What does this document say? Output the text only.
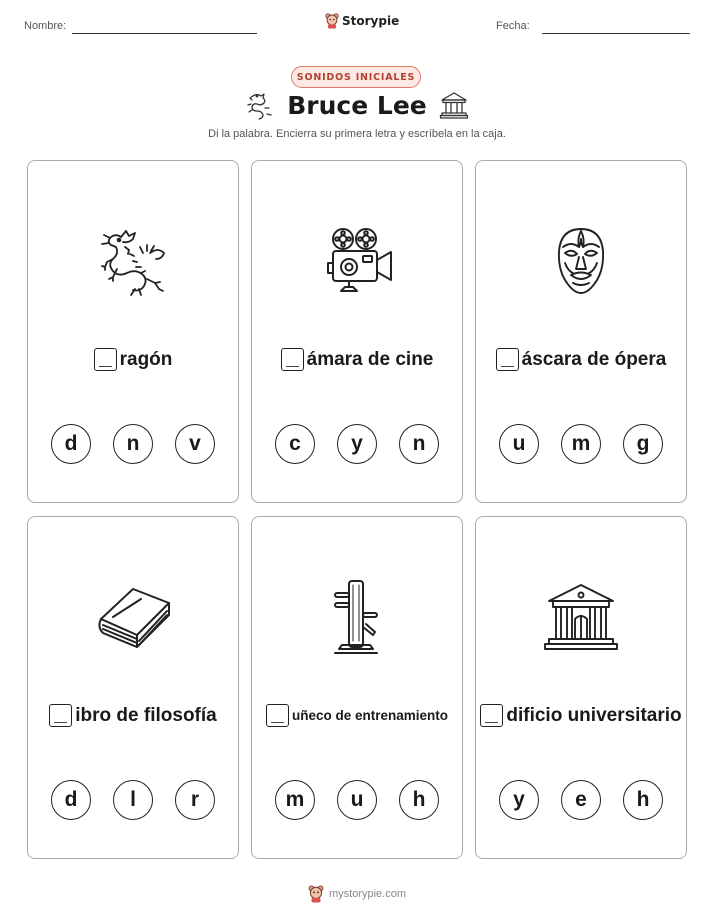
Nombre:	Storypie	Fecha:
SONIDOS INICIALES
Bruce Lee
Di la palabra. Encierra su primera letra y escríbela en la caja.
ragón
d	n	v
ámara de cine
c	y	n
áscara de ópera
u	m	g
ibro de filosofía
d	l	r
uñeco de entrenamiento
m	u	h
dificio universitario
y	e	h
mystorypie.com
